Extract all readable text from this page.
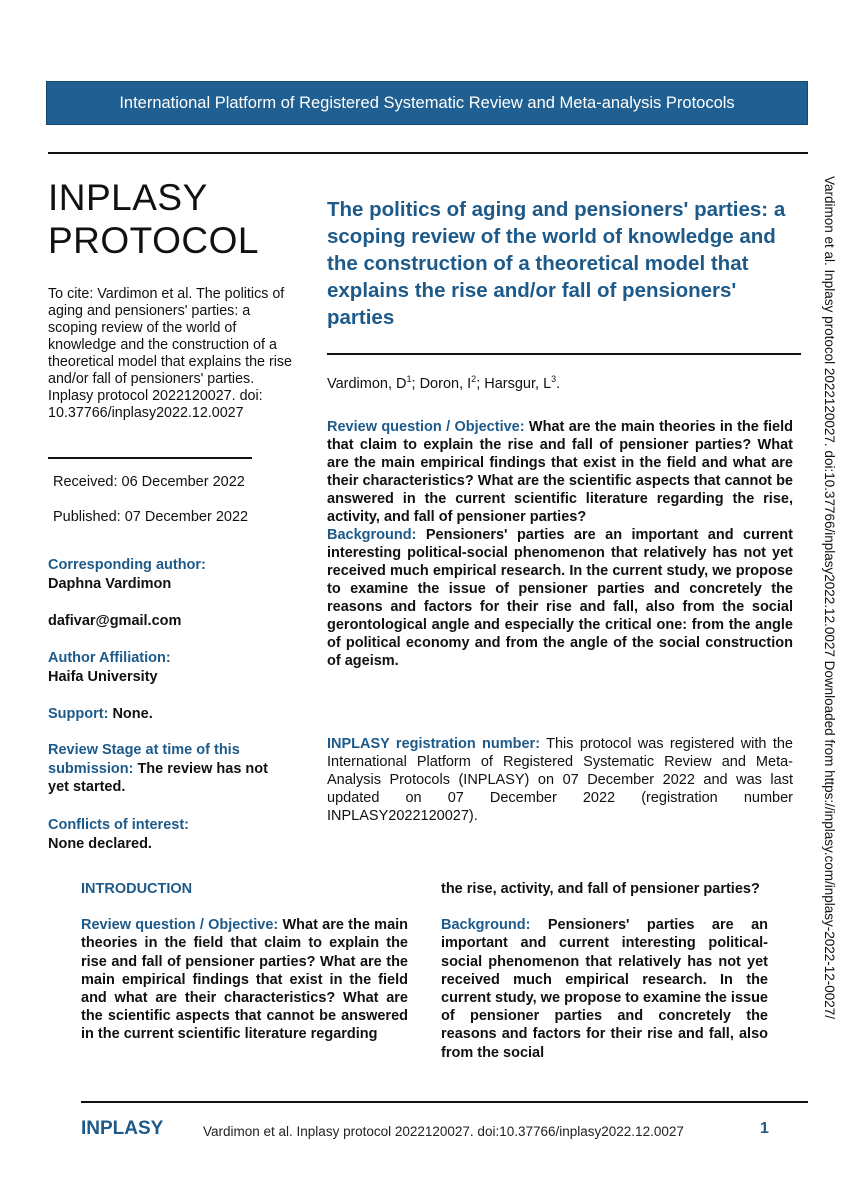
International Platform of Registered Systematic Review and Meta-analysis Protocols
INPLASY
PROTOCOL
To cite: Vardimon et al. The politics of aging and pensioners' parties: a scoping review of the world of knowledge and the construction of a theoretical model that explains the rise and/or fall of pensioners' parties. Inplasy protocol 2022120027. doi: 10.37766/inplasy2022.12.0027
Received: 06 December 2022
Published: 07 December 2022
Corresponding author:
Daphna Vardimon
dafivar@gmail.com
Author Affiliation:
Haifa University
Support: None.
Review Stage at time of this submission: The review has not yet started.
Conflicts of interest:
None declared.
The politics of aging and pensioners' parties: a scoping review of the world of knowledge and the construction of a theoretical model that explains the rise and/or fall of pensioners' parties
Vardimon, $D^1$; Doron, $I^2$; Harsgur, $L^3$.
Review question / Objective: What are the main theories in the field that claim to explain the rise and fall of pensioner parties? What are the main empirical findings that exist in the field and what are their characteristics? What are the scientific aspects that cannot be answered in the current scientific literature regarding the rise, activity, and fall of pensioner parties?
Background: Pensioners' parties are an important and current interesting political-social phenomenon that relatively has not yet received much empirical research. In the current study, we propose to examine the issue of pensioner parties and concretely the reasons and factors for their rise and fall, also from the social gerontological angle and especially the critical one: from the angle of political economy and from the angle of the social construction of ageism.
INPLASY registration number: This protocol was registered with the International Platform of Registered Systematic Review and Meta-Analysis Protocols (INPLASY) on 07 December 2022 and was last updated on 07 December 2022 (registration number INPLASY2022120027).
INTRODUCTION
Review question / Objective: What are the main theories in the field that claim to explain the rise and fall of pensioner parties? What are the main empirical findings that exist in the field and what are their characteristics? What are the scientific aspects that cannot be answered in the current scientific literature regarding
the rise, activity, and fall of pensioner parties?
Background: Pensioners' parties are an important and current interesting political-social phenomenon that relatively has not yet received much empirical research. In the current study, we propose to examine the issue of pensioner parties and concretely the reasons and factors for their rise and fall, also from the social
Vardimon et al. Inplasy protocol 2022120027. doi:10.37766/inplasy2022.12.0027 Downloaded from https://inplasy.com/inplasy-2022-12-0027/
INPLASY	Vardimon et al. Inplasy protocol 2022120027. doi:10.37766/inplasy2022.12.0027	1
